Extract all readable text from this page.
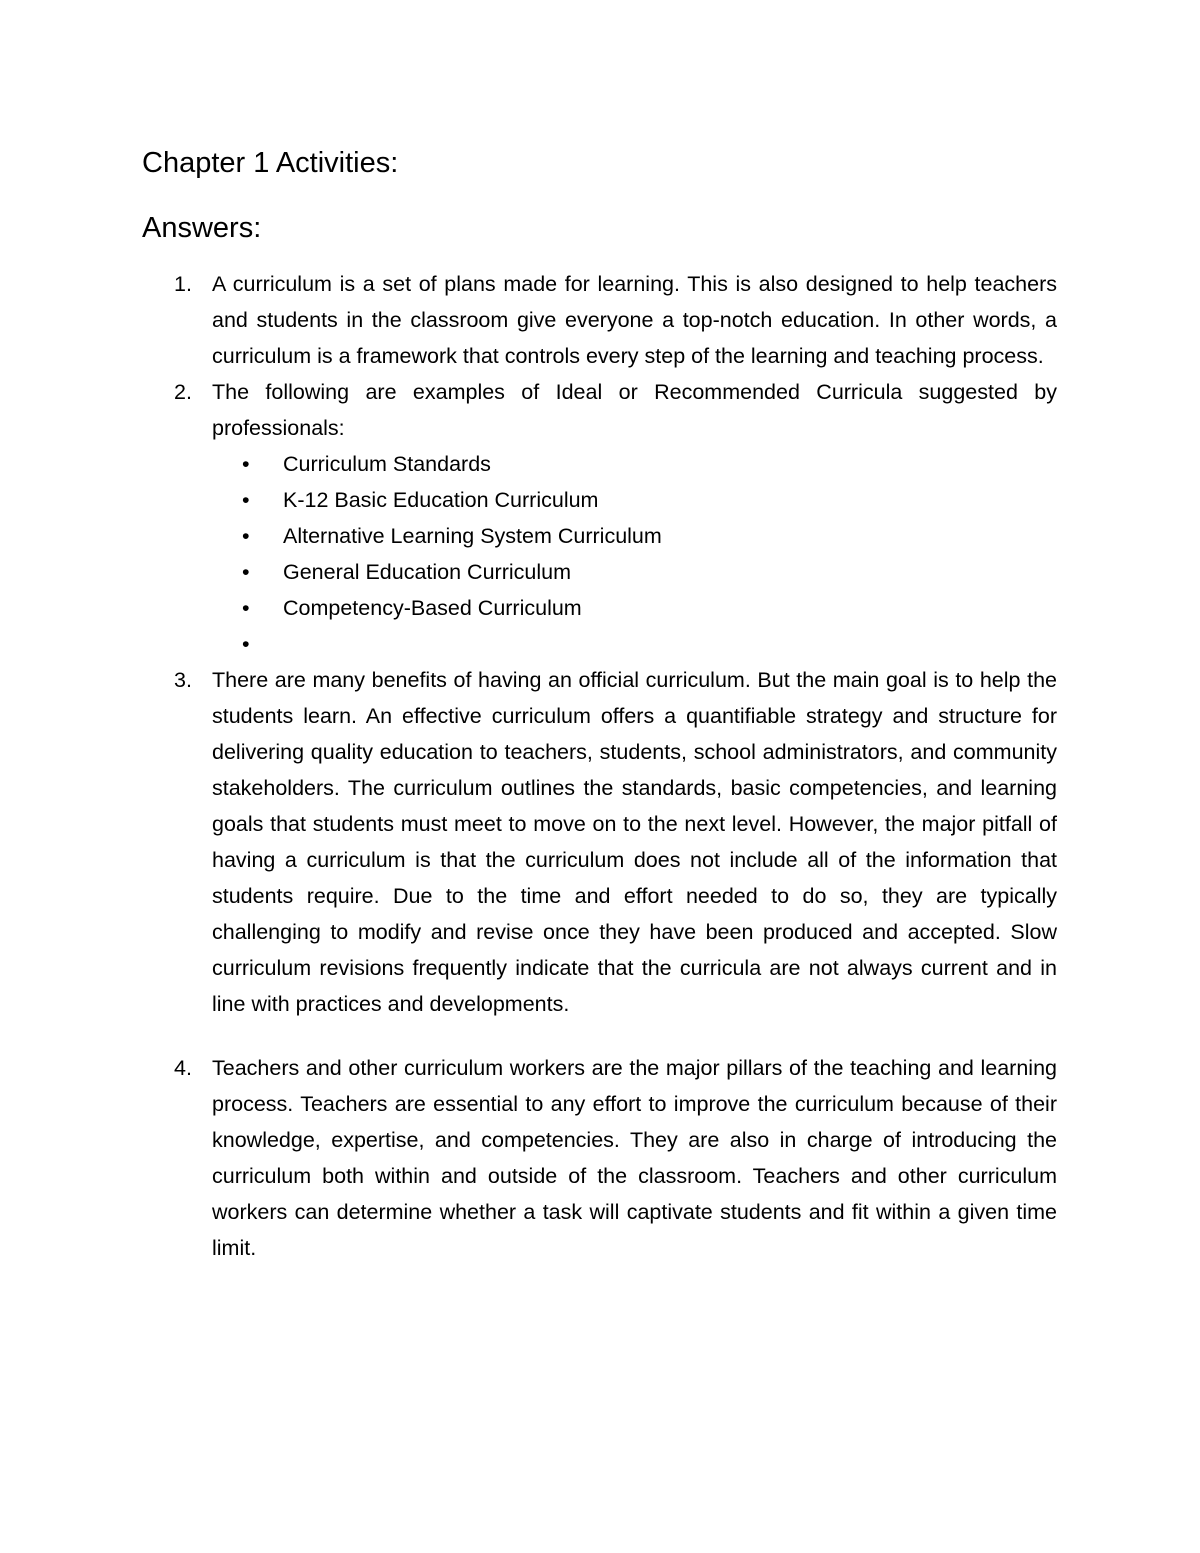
Chapter 1 Activities:
Answers:
1. A curriculum is a set of plans made for learning. This is also designed to help teachers and students in the classroom give everyone a top-notch education. In other words, a curriculum is a framework that controls every step of the learning and teaching process.

2. The following are examples of Ideal or Recommended Curricula suggested by professionals:

• Curriculum Standards
• K-12 Basic Education Curriculum
• Alternative Learning System Curriculum
• General Education Curriculum
• Competency-Based Curriculum
•
3. There are many benefits of having an official curriculum. But the main goal is to help the students learn. An effective curriculum offers a quantifiable strategy and structure for delivering quality education to teachers, students, school administrators, and community stakeholders. The curriculum outlines the standards, basic competencies, and learning goals that students must meet to move on to the next level. However, the major pitfall of having a curriculum is that the curriculum does not include all of the information that students require. Due to the time and effort needed to do so, they are typically challenging to modify and revise once they have been produced and accepted. Slow curriculum revisions frequently indicate that the curricula are not always current and in line with practices and developments.

4. Teachers and other curriculum workers are the major pillars of the teaching and learning process. Teachers are essential to any effort to improve the curriculum because of their knowledge, expertise, and competencies. They are also in charge of introducing the curriculum both within and outside of the classroom. Teachers and other curriculum workers can determine whether a task will captivate students and fit within a given time limit.
